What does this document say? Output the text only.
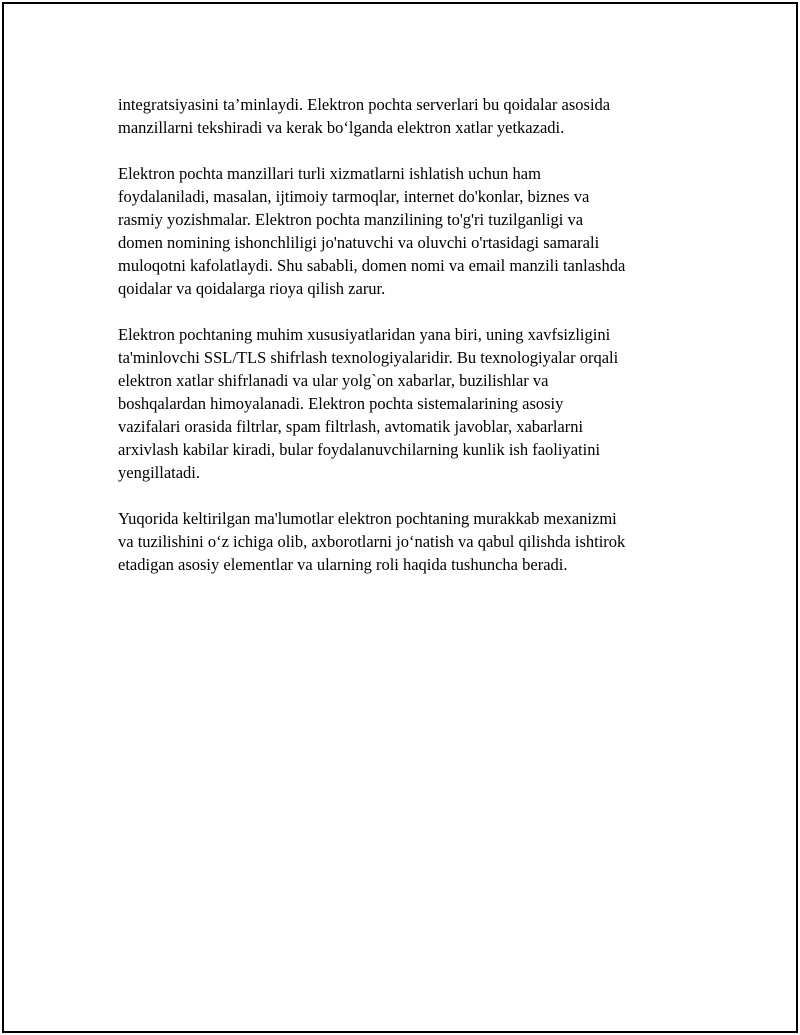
integratsiyasini ta’minlaydi. Elektron pochta serverlari bu qoidalar asosida
manzillarni tekshiradi va kerak boʻlganda elektron xatlar yetkazadi.

Elektron pochta manzillari turli xizmatlarni ishlatish uchun ham
foydalaniladi, masalan, ijtimoiy tarmoqlar, internet do'konlar, biznes va
rasmiy yozishmalar. Elektron pochta manzilining to'g'ri tuzilganligi va
domen nomining ishonchliligi jo'natuvchi va oluvchi o'rtasidagi samarali
muloqotni kafolatlaydi. Shu sababli, domen nomi va email manzili tanlashda
qoidalar va qoidalarga rioya qilish zarur.

Elektron pochtaning muhim xususiyatlaridan yana biri, uning xavfsizligini
ta'minlovchi SSL/TLS shifrlash texnologiyalaridir. Bu texnologiyalar orqali
elektron xatlar shifrlanadi va ular yolg`on xabarlar, buzilishlar va
boshqalardan himoyalanadi. Elektron pochta sistemalarining asosiy
vazifalari orasida filtrlar, spam filtrlash, avtomatik javoblar, xabarlarni
arxivlash kabilar kiradi, bular foydalanuvchilarning kunlik ish faoliyatini
yengillatadi.

Yuqorida keltirilgan ma'lumotlar elektron pochtaning murakkab mexanizmi
va tuzilishini oʻz ichiga olib, axborotlarni joʻnatish va qabul qilishda ishtirok
etadigan asosiy elementlar va ularning roli haqida tushuncha beradi.
